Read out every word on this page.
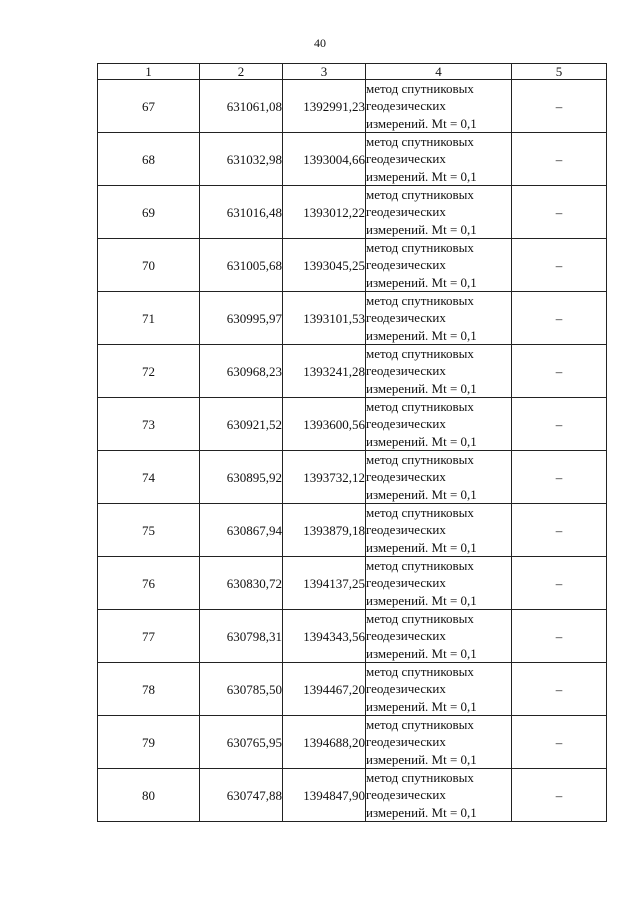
40
1	2	3	4	5
67	631061,08	1392991,23	метод спутниковых
геодезических
измерений. Mt = 0,1	–
68	631032,98	1393004,66	метод спутниковых
геодезических
измерений. Mt = 0,1	–
69	631016,48	1393012,22	метод спутниковых
геодезических
измерений. Mt = 0,1	–
70	631005,68	1393045,25	метод спутниковых
геодезических
измерений. Mt = 0,1	–
71	630995,97	1393101,53	метод спутниковых
геодезических
измерений. Mt = 0,1	–
72	630968,23	1393241,28	метод спутниковых
геодезических
измерений. Mt = 0,1	–
73	630921,52	1393600,56	метод спутниковых
геодезических
измерений. Mt = 0,1	–
74	630895,92	1393732,12	метод спутниковых
геодезических
измерений. Mt = 0,1	–
75	630867,94	1393879,18	метод спутниковых
геодезических
измерений. Mt = 0,1	–
76	630830,72	1394137,25	метод спутниковых
геодезических
измерений. Mt = 0,1	–
77	630798,31	1394343,56	метод спутниковых
геодезических
измерений. Mt = 0,1	–
78	630785,50	1394467,20	метод спутниковых
геодезических
измерений. Mt = 0,1	–
79	630765,95	1394688,20	метод спутниковых
геодезических
измерений. Mt = 0,1	–
80	630747,88	1394847,90	метод спутниковых
геодезических
измерений. Mt = 0,1	–
